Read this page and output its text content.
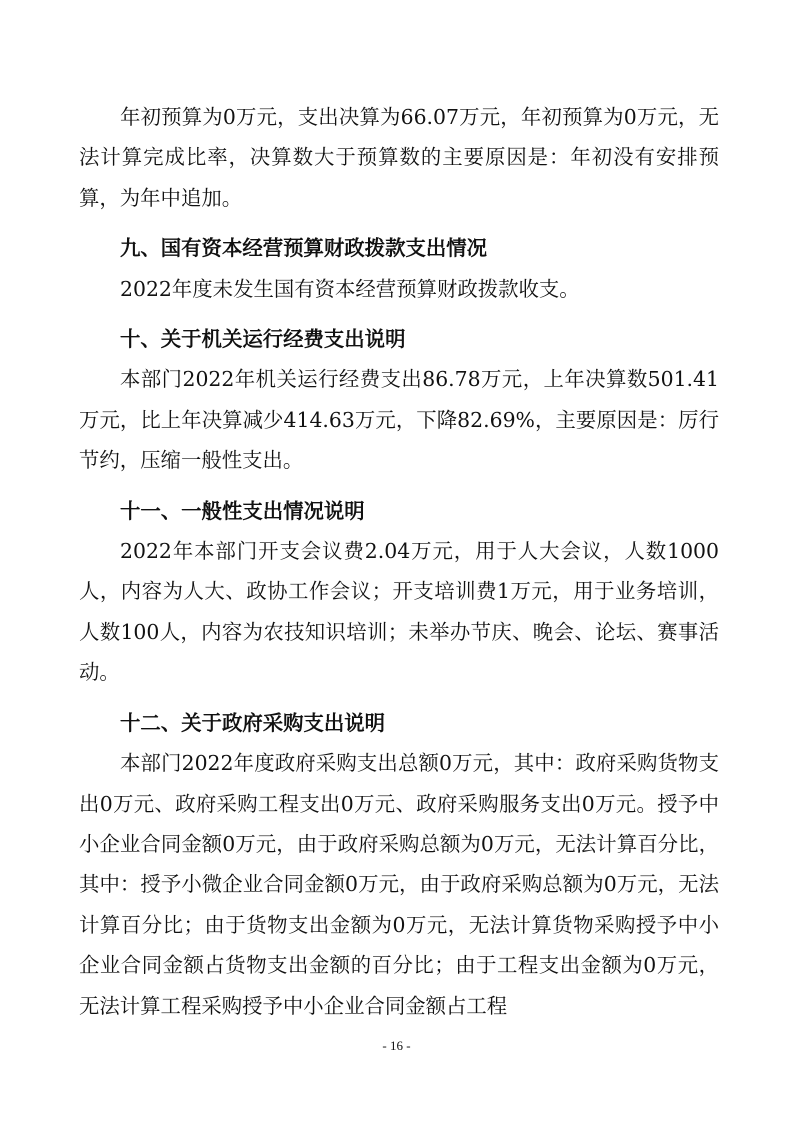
年初预算为0万元，支出决算为66.07万元，年初预算为0万元，无法计算完成比率，决算数大于预算数的主要原因是：年初没有安排预算，为年中追加。

九、国有资本经营预算财政拨款支出情况

2022年度未发生国有资本经营预算财政拨款收支。

十、关于机关运行经费支出说明

本部门2022年机关运行经费支出86.78万元，上年决算数501.41万元，比上年决算减少414.63万元，下降82.69%，主要原因是：厉行节约，压缩一般性支出。

十一、一般性支出情况说明

2022年本部门开支会议费2.04万元，用于人大会议，人数1000人，内容为人大、政协工作会议；开支培训费1万元，用于业务培训，人数100人，内容为农技知识培训；未举办节庆、晚会、论坛、赛事活动。

十二、关于政府采购支出说明

本部门2022年度政府采购支出总额0万元，其中：政府采购货物支出0万元、政府采购工程支出0万元、政府采购服务支出0万元。授予中小企业合同金额0万元，由于政府采购总额为0万元，无法计算百分比，其中：授予小微企业合同金额0万元，由于政府采购总额为0万元，无法计算百分比；由于货物支出金额为0万元，无法计算货物采购授予中小企业合同金额占货物支出金额的百分比；由于工程支出金额为0万元，无法计算工程采购授予中小企业合同金额占工程

- 16 -
